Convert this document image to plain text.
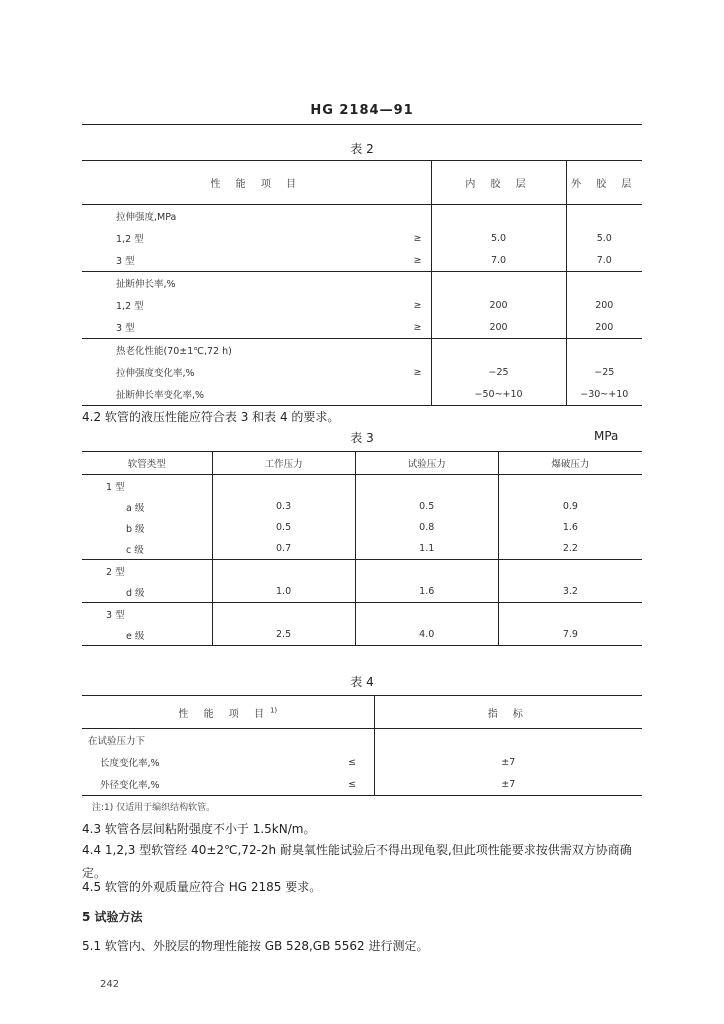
HG 2184—91
表 2
性 能 项 目		内 胶 层	外 胶 层
拉伸强度,MPa			
1,2 型	≥	5.0	5.0
3 型	≥	7.0	7.0
扯断伸长率,%			
1,2 型	≥	200	200
3 型	≥	200	200
热老化性能(70±1℃,72 h)			
拉伸强度变化率,%	≥	−25	−25
扯断伸长率变化率,%		−50~+10	−30~+10
4.2 软管的液压性能应符合表 3 和表 4 的要求。
表 3	MPa
软管类型	工作压力	试验压力	爆破压力
1 型			
a 级	0.3	0.5	0.9
b 级	0.5	0.8	1.6
c 级	0.7	1.1	2.2
2 型			
d 级	1.0	1.6	3.2
3 型			
e 级	2.5	4.0	7.9
表 4
性 能 项 目$^{1)}$		指 标
在试验压力下		
长度变化率,%	≤	±7
外径变化率,%	≤	±7
注:1) 仅适用于编织结构软管。
4.3 软管各层间粘附强度不小于 1.5kN/m。
4.4 1,2,3 型软管经 40±2℃,72-2h 耐臭氧性能试验后不得出现龟裂,但此项性能要求按供需双方协商确定。
4.5 软管的外观质量应符合 HG 2185 要求。
5 试验方法
5.1 软管内、外胶层的物理性能按 GB 528,GB 5562 进行测定。
242
